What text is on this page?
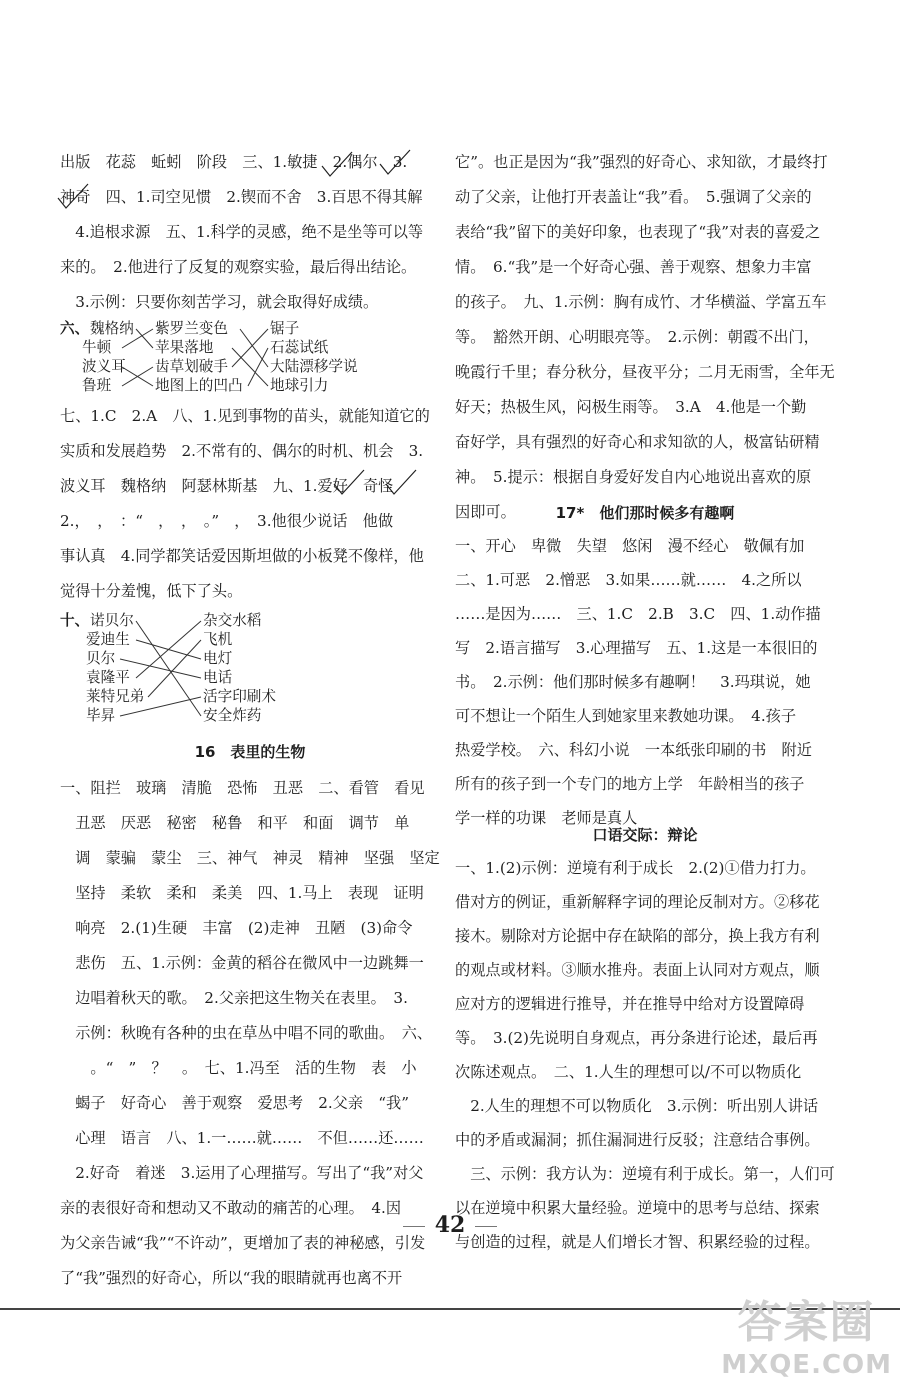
出版　花蕊　蚯蚓　阶段　三、1.敏捷　2.偶尔　3.
神奇　四、1.司空见惯　2.锲而不舍　3.百思不得其解
　4.追根求源　五、1.科学的灵感，绝不是坐等可以等
来的。　2.他进行了反复的观察实验，最后得出结论。
　3.示例：只要你刻苦学习，就会取得好成绩。
六、 魏格纳
牛顿
波义耳
鲁班
紫罗兰变色
苹果落地
齿草划破手
地图上的凹凸
锯子
石蕊试纸
大陆漂移学说
地球引力
七、1.C　2.A　八、1.见到事物的苗头，就能知道它的
实质和发展趋势　2.不常有的、偶尔的时机、机会　3.
波义耳　魏格纳　阿瑟林斯基　九、1.爱好　奇怪
2.，　，　：“　，　，　。”　，　3.他很少说话　他做
事认真　4.同学都笑话爱因斯坦做的小板凳不像样，他
觉得十分羞愧，低下了头。
十、 诺贝尔
爱迪生
贝尔
袁隆平
莱特兄弟
毕昇
杂交水稻
飞机
电灯
电话
活字印刷术
安全炸药
16　表里的生物
一、阻拦　玻璃　清脆　恐怖　丑恶　二、看管　看见
　丑恶　厌恶　秘密　秘鲁　和平　和面　调节　单
　调　蒙骗　蒙尘　三、神气　神灵　精神　坚强　坚定
　坚持　柔软　柔和　柔美　四、1.马上　表现　证明
　响亮　2.(1)生硬　丰富　(2)走神　丑陋　(3)命令
　悲伤　五、1.示例：金黄的稻谷在微风中一边跳舞一
　边唱着秋天的歌。　2.父亲把这生物关在表里。　3.
　示例：秋晚有各种的虫在草丛中唱不同的歌曲。　六、
　　。“　”　？　。　七、1.冯至　活的生物　表　小
　蝎子　好奇心　善于观察　爱思考　2.父亲　“我”
　心理　语言　八、1.一……就……　不但……还……
　2.好奇　着迷　3.运用了心理描写。写出了“我”对父
亲的表很好奇和想动又不敢动的痛苦的心理。　4.因
为父亲告诫“我”“不许动”，更增加了表的神秘感，引发
了“我”强烈的好奇心，所以“我的眼睛就再也离不开
它”。也正是因为“我”强烈的好奇心、求知欲，才最终打
动了父亲，让他打开表盖让“我”看。　5.强调了父亲的
表给“我”留下的美好印象，也表现了“我”对表的喜爱之
情。　6.“我”是一个好奇心强、善于观察、想象力丰富
的孩子。　九、1.示例：胸有成竹、才华横溢、学富五车
等。　豁然开朗、心明眼亮等。　2.示例：朝霞不出门，
晚霞行千里；春分秋分，昼夜平分；二月无雨雪，全年无
好天；热极生风，闷极生雨等。　3.A　4.他是一个勤
奋好学，具有强烈的好奇心和求知欲的人，极富钻研精
神。　5.提示：根据自身爱好发自内心地说出喜欢的原
因即可。	17*　他们那时候多有趣啊
一、开心　卑微　失望　悠闲　漫不经心　敬佩有加
二、1.可恶　2.憎恶　3.如果……就……　4.之所以
……是因为……　三、1.C　2.B　3.C　四、1.动作描
写　2.语言描写　3.心理描写　五、1.这是一本很旧的
书。　2.示例：他们那时候多有趣啊！　3.玛琪说，她
可不想让一个陌生人到她家里来教她功课。　4.孩子
热爱学校。　六、科幻小说　一本纸张印刷的书　附近
所有的孩子到一个专门的地方上学　年龄相当的孩子
学一样的功课　老师是真人
口语交际：辩论
一、1.(2)示例：逆境有利于成长　2.(2)①借力打力。
借对方的例证，重新解释字词的理论反制对方。②移花
接木。剔除对方论据中存在缺陷的部分，换上我方有利
的观点或材料。③顺水推舟。表面上认同对方观点，顺
应对方的逻辑进行推导，并在推导中给对方设置障碍
等。　3.(2)先说明自身观点，再分条进行论述，最后再
次陈述观点。　二、1.人生的理想可以/不可以物质化
　2.人生的理想不可以物质化　3.示例：听出别人讲话
中的矛盾或漏洞；抓住漏洞进行反驳；注意结合事例。
　三、示例：我方认为：逆境有利于成长。第一，人们可
以在逆境中积累大量经验。逆境中的思考与总结、探索
与创造的过程，就是人们增长才智、积累经验的过程。
42
答案圈
MXQE.COM
